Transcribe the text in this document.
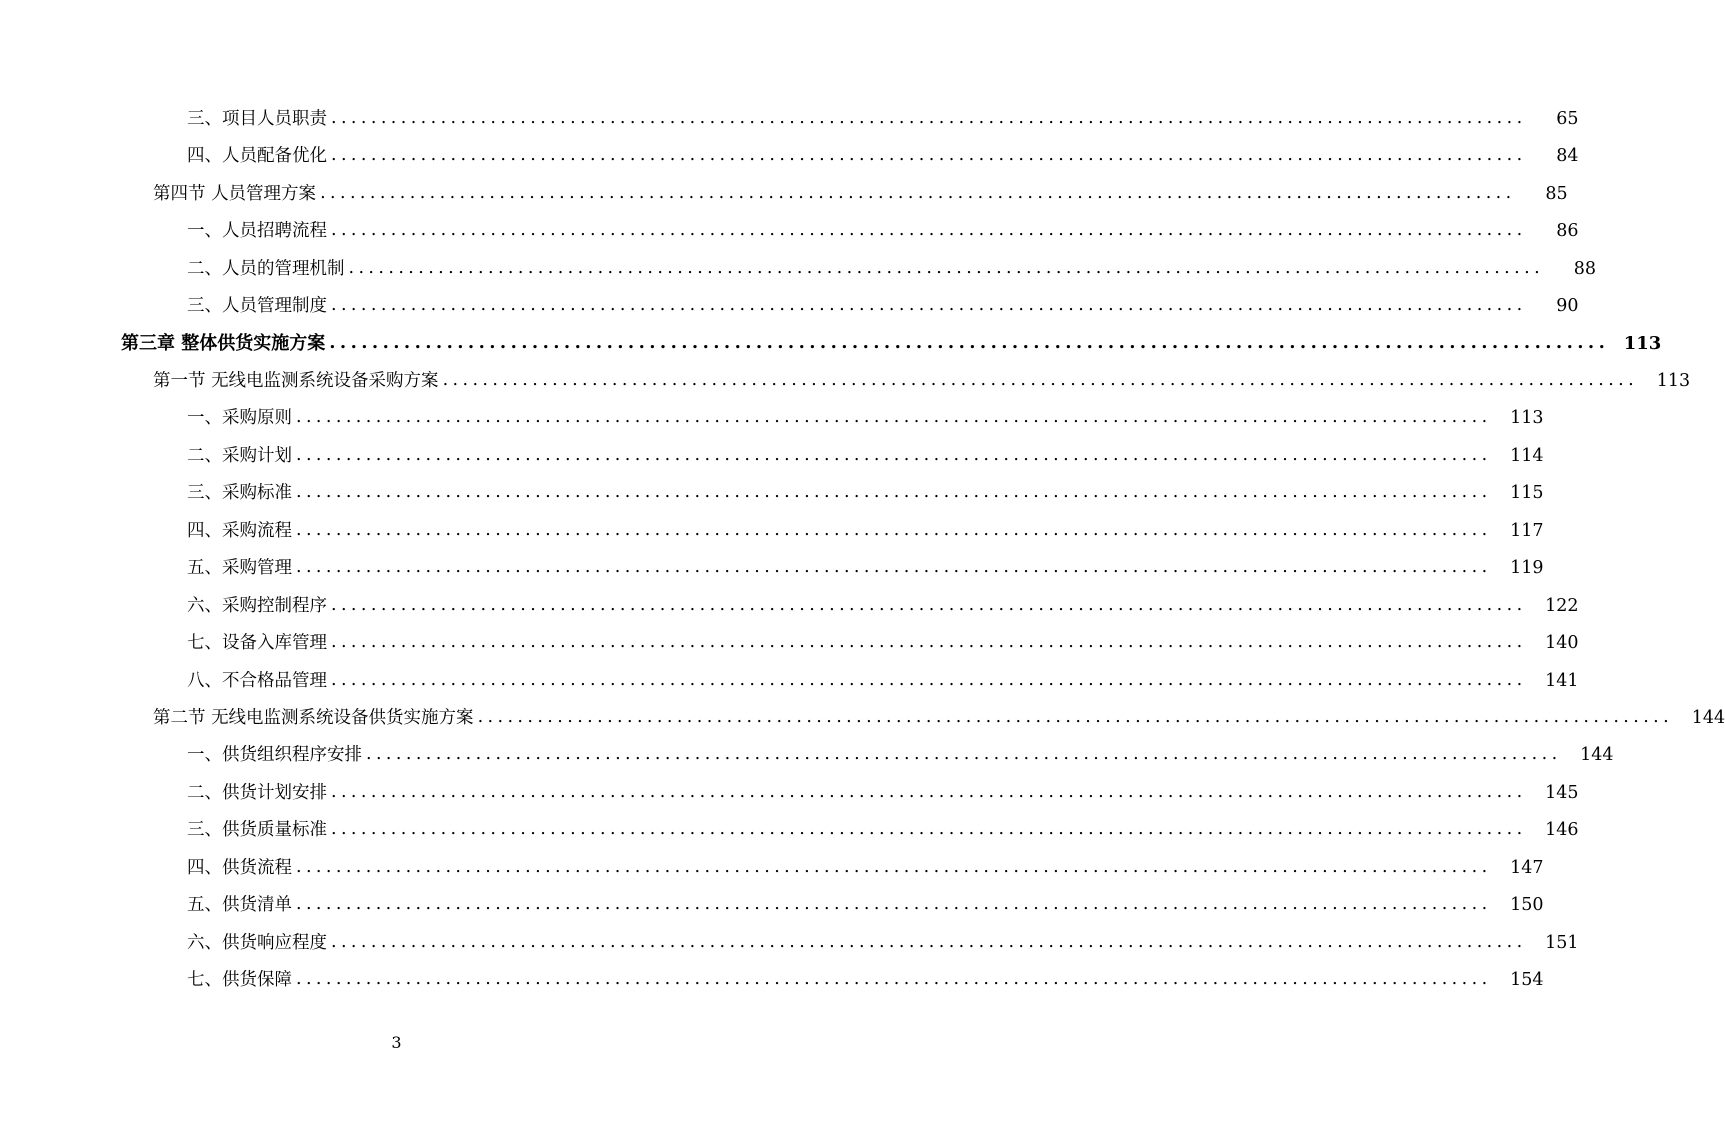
三、项目人员职责 ........................................................................................................................	65
四、人员配备优化 ........................................................................................................................	84
第四节 人员管理方案 ........................................................................................................................	85
一、人员招聘流程 ........................................................................................................................	86
二、人员的管理机制 ........................................................................................................................	88
三、人员管理制度 ........................................................................................................................	90
第三章 整体供货实施方案 ........................................................................................................................ 113
第一节 无线电监测系统设备采购方案 ........................................................................................................................	113
一、采购原则 ........................................................................................................................	113
二、采购计划 ........................................................................................................................	114
三、采购标准 ........................................................................................................................	115
四、采购流程 ........................................................................................................................	117
五、采购管理 ........................................................................................................................	119
六、采购控制程序 ........................................................................................................................	122
七、设备入库管理 ........................................................................................................................	140
八、不合格品管理 ........................................................................................................................	141
第二节 无线电监测系统设备供货实施方案 ........................................................................................................................	144
一、供货组织程序安排 ........................................................................................................................	144
二、供货计划安排 ........................................................................................................................	145
三、供货质量标准 ........................................................................................................................	146
四、供货流程 ........................................................................................................................	147
五、供货清单 ........................................................................................................................	150
六、供货响应程度 ........................................................................................................................	151
七、供货保障 ........................................................................................................................	154
3
